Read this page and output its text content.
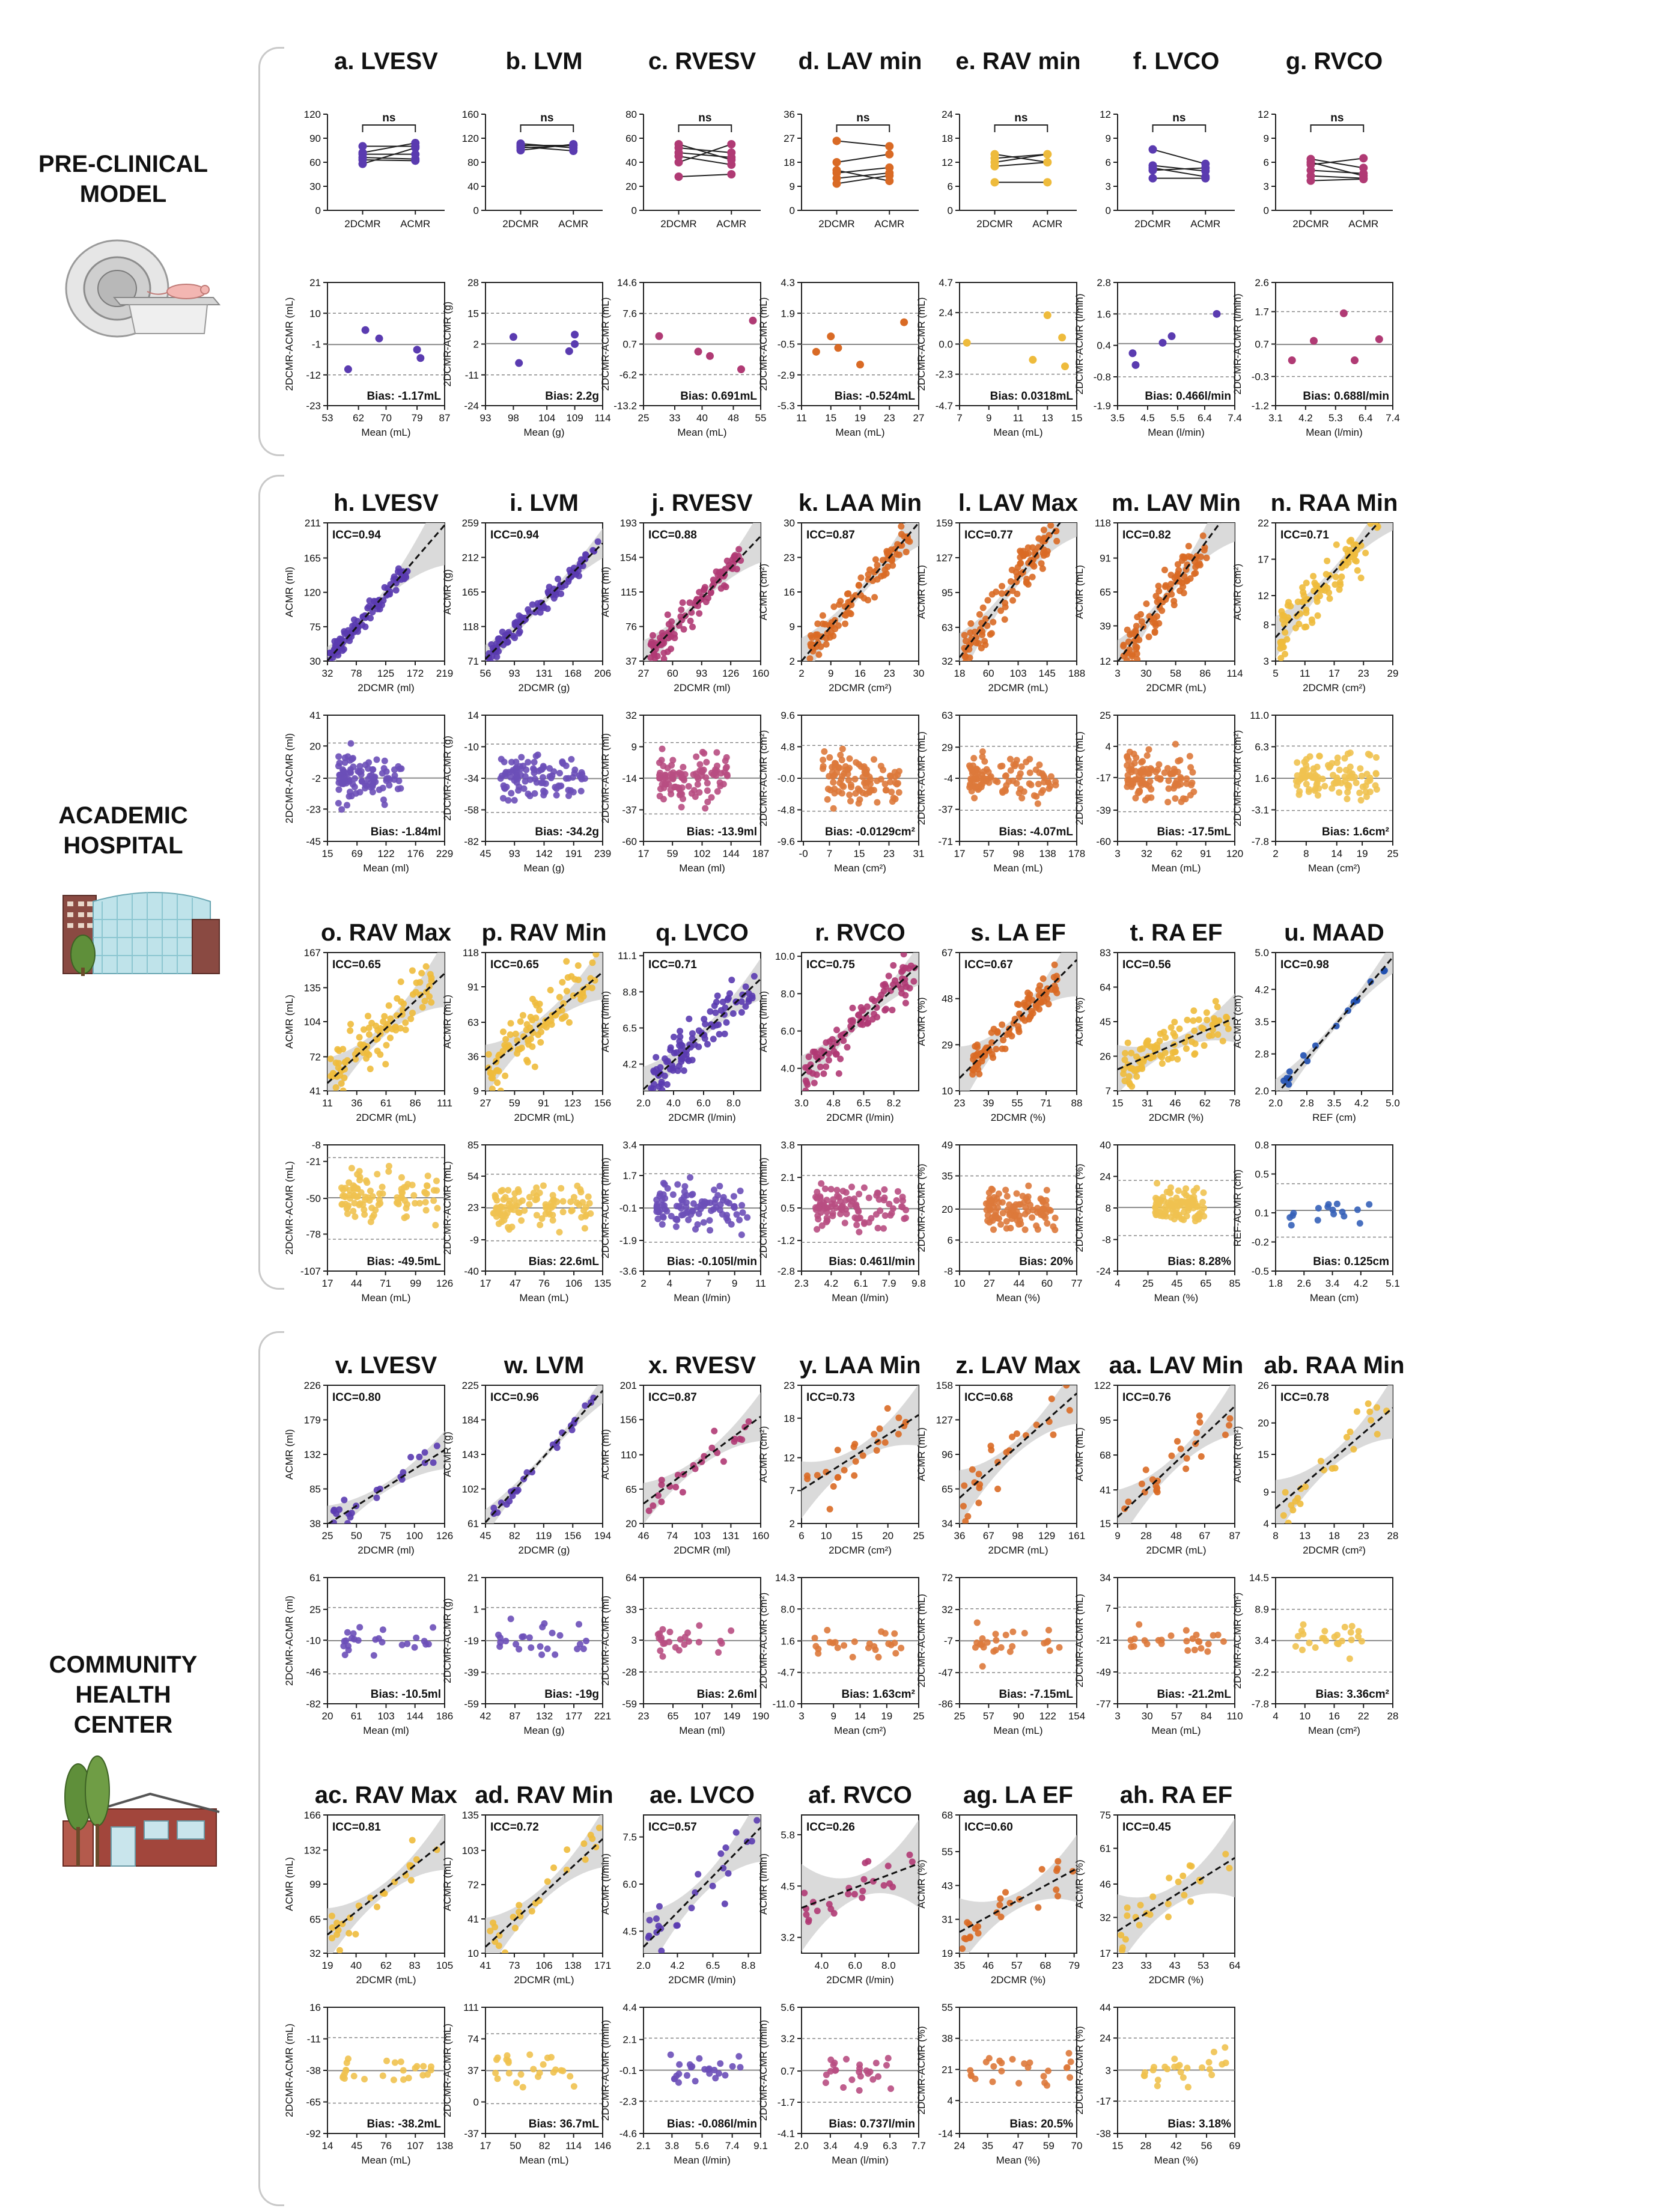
PRE-CLINICAL
MODEL
ACADEMIC
HOSPITAL
COMMUNITY
HEALTH
CENTER
a. LVESV
0
30
60
90
120
2DCMR ACMR
ns
-23
-12
-1
10
21
53 62 70 79 87
Mean (mL)
2DCMR-ACMR (mL)
Bias: -1.17mL
b. LVM
0
40
80
120
160
2DCMR ACMR
ns
-24
-11
2
15
28
93 98 104 109 114
Mean (g)
2DCMR-ACMR (g)
Bias: 2.2g
c. RVESV
0
20
40
60
80
2DCMR ACMR
ns
-13.2
-6.2
0.7
7.6
14.6
25 33 40 48 55
Mean (mL)
2DCMR-ACMR (mL)
Bias: 0.691mL
d. LAV min
0
9
18
27
36
2DCMR ACMR
ns
-5.3
-2.9
-0.5
1.9
4.3
11 15 19 23 27
Mean (mL)
2DCMR-ACMR (mL)
Bias: -0.524mL
e. RAV min
0
6
12
18
24
2DCMR ACMR
ns
-4.7
-2.3
0.0
2.4
4.7
7 9 11 13 15
Mean (mL)
2DCMR-ACMR (mL)
Bias: 0.0318mL
f. LVCO
0
3
6
9
12
2DCMR ACMR
ns
-1.9
-0.8
0.4
1.6
2.8
3.5 4.5 5.5 6.4 7.4
Mean (l/min)
2DCMR-ACMR (l/min)
Bias: 0.466l/min
g. RVCO
0
3
6
9
12
2DCMR ACMR
ns
-1.2
-0.3
0.7
1.7
2.6
3.1 4.2 5.3 6.4 7.4
Mean (l/min)
2DCMR-ACMR (l/min)
Bias: 0.688l/min
h. LVESV
30
75
120
165
211
32 78 125 172 219
2DCMR (ml)
ACMR (ml)
ICC=0.94
-45
-23
-2
20
41
15 69 122 176 229
Mean (ml)
2DCMR-ACMR (ml)
Bias: -1.84ml
i. LVM
71
118
165
212
259
56 93 131 168 206
2DCMR (g)
ACMR (g)
ICC=0.94
-82
-58
-34
-10
14
45 93 142 191 239
Mean (g)
2DCMR-ACMR (g)
Bias: -34.2g
j. RVESV
37
76
115
154
193
27 60 93 126 160
2DCMR (ml)
ACMR (ml)
ICC=0.88
-60
-37
-14
9
32
17 59 102 144 187
Mean (ml)
2DCMR-ACMR (ml)
Bias: -13.9ml
k. LAA Min
2
9
16
23
30
2 9 16 23 30
2DCMR (cm²)
ACMR (cm²)
ICC=0.87
-9.6
-4.8
-0.0
4.8
9.6
-0 7 15 23 31
Mean (cm²)
2DCMR-ACMR (cm²)
Bias: -0.0129cm²
l. LAV Max
32
63
95
127
159
18 60 103 145 188
2DCMR (mL)
ACMR (mL)
ICC=0.77
-71
-37
-4
29
63
17 57 98 138 178
Mean (mL)
2DCMR-ACMR (mL)
Bias: -4.07mL
m. LAV Min
12
39
65
91
118
3 30 58 86 114
2DCMR (mL)
ACMR (mL)
ICC=0.82
-60
-39
-17
4
25
3 32 62 91 120
Mean (mL)
2DCMR-ACMR (mL)
Bias: -17.5mL
n. RAA Min
3
8
12
17
22
5 11 17 23 29
2DCMR (cm²)
ACMR (cm²)
ICC=0.71
-7.8
-3.1
1.6
6.3
11.0
2 8 14 19 25
Mean (cm²)
2DCMR-ACMR (cm²)
Bias: 1.6cm²
o. RAV Max
41
72
104
135
167
11 36 61 86 111
2DCMR (mL)
ACMR (mL)
ICC=0.65
-107
-78
-50
-21
-8
17 44 71 99 126
Mean (mL)
2DCMR-ACMR (mL)
Bias: -49.5mL
p. RAV Min
9
36
63
91
118
27 59 91 123 156
2DCMR (mL)
ACMR (mL)
ICC=0.65
-40
-9
23
54
85
17 47 76 106 135
Mean (mL)
2DCMR-ACMR (mL)
Bias: 22.6mL
q. LVCO
4.2
6.5
8.8
11.1
2.0 4.0 6.0 8.0
2DCMR (l/min)
ACMR (l/min)
ICC=0.71
-3.6
-1.9
-0.1
1.7
3.4
2 4	7 9 11
Mean (l/min)
2DCMR-ACMR (l/min)
Bias: -0.105l/min
r. RVCO
4.0
6.0
8.0
10.0
3.0 4.8 6.5 8.2
2DCMR (l/min)
ACMR (l/min)
ICC=0.75
-2.8
-1.2
0.5
2.1
3.8
2.3 4.2 6.1 7.9 9.8
Mean (l/min)
2DCMR-ACMR (l/min)
Bias: 0.461l/min
s. LA EF
10
29
48
67
23 39 55 71 88
2DCMR (%)
ACMR (%)
ICC=0.67
-8
6
20
35
49
10 27 44 60 77
Mean (%)
2DCMR-ACMR (%)
Bias: 20%
t. RA EF
7
26
45
64
83
15 31 46 62 78
2DCMR (%)
ACMR (%)
ICC=0.56
-24
-8
8
24
40
4 25 45 65 85
Mean (%)
2DCMR-ACMR (%)
Bias: 8.28%
u. MAAD
2.0
2.8
3.5
4.2
5.0
2.0 2.8 3.5 4.2 5.0
REF (cm)
ACMR (cm)
ICC=0.98
-0.5
-0.2
0.1
0.5
0.8
1.8 2.6 3.4 4.2 5.1
Mean (cm)
REF-ACMR (cm)
Bias: 0.125cm
v. LVESV
38
85
132
179
226
25 50 75 100 126
2DCMR (ml)
ACMR (ml)
ICC=0.80
-82
-46
-10
25
61
20 61 103 144 186
Mean (ml)
2DCMR-ACMR (ml)
Bias: -10.5ml
w. LVM
61
102
143
184
225
45 82 119 156 194
2DCMR (g)
ACMR (g)
ICC=0.96
-59
-39
-19
1
21
42 87 132 177 221
Mean (g)
2DCMR-ACMR (g)
Bias: -19g
x. RVESV
20
65
110
156
201
46 74 103 131 160
2DCMR (ml)
ACMR (ml)
ICC=0.87
-59
-28
3
33
64
23 65 107 149 190
Mean (ml)
2DCMR-ACMR (ml)
Bias: 2.6ml
y. LAA Min
2
7
12
18
23
6 10 15 20 25
2DCMR (cm²)
ACMR (cm²)
ICC=0.73
-11.0
-4.7
1.6
8.0
14.3
3	9 14 19 25
Mean (cm²)
2DCMR-ACMR (cm²)
Bias: 1.63cm²
z. LAV Max
34
65
96
127
158
36 67 98 129 161
2DCMR (mL)
ACMR (mL)
ICC=0.68
-86
-47
-7
32
72
25 57 90 122 154
Mean (mL)
2DCMR-ACMR (mL)
Bias: -7.15mL
aa. LAV Min
15
41
68
95
122
9 28 48 67 87
2DCMR (mL)
ACMR (mL)
ICC=0.76
-77
-49
-21
7
34
3 30 57 84 110
Mean (mL)
2DCMR-ACMR (mL)
Bias: -21.2mL
ab. RAA Min
4
9
15
20
26
8 13 18 23 28
2DCMR (cm²)
ACMR (cm²)
ICC=0.78
-7.8
-2.2
3.4
8.9
14.5
4 10 16 22 28
Mean (cm²)
2DCMR-ACMR (cm²)
Bias: 3.36cm²
ac. RAV Max
32
65
99
132
166
19 40 62 83 105
2DCMR (mL)
ACMR (mL)
ICC=0.81
-92
-65
-38
-11
16
14 45 76 107 138
Mean (mL)
2DCMR-ACMR (mL)
Bias: -38.2mL
ad. RAV Min
10
41
72
103
135
41 73 106 138 171
2DCMR (mL)
ACMR (mL)
ICC=0.72
-37
0
37
74
111
17 50 82 114 146
Mean (mL)
2DCMR-ACMR (mL)
Bias: 36.7mL
ae. LVCO
4.5
6.0
7.5
2.0 4.2 6.5 8.8
2DCMR (l/min)
ACMR (l/min)
ICC=0.57
-4.6
-2.3
-0.1
2.1
4.4
2.1 3.8 5.6 7.4 9.1
Mean (l/min)
2DCMR-ACMR (l/min)
Bias: -0.086l/min
af. RVCO
3.2
4.5
5.8
4.0 6.0 8.0
2DCMR (l/min)
ACMR (l/min)
ICC=0.26
-4.1
-1.7
0.7
3.2
5.6
2.0 3.4 4.9 6.3 7.7
Mean (l/min)
2DCMR-ACMR (l/min)
Bias: 0.737l/min
ag. LA EF
19
31
43
55
68
35 46 57 68 79
2DCMR (%)
ACMR (%)
ICC=0.60
-14
4
21
38
55
24 35 47 59 70
Mean (%)
2DCMR-ACMR (%)
Bias: 20.5%
ah. RA EF
17
32
46
61
75
23 33 43 53 64
2DCMR (%)
ACMR (%)
ICC=0.45
-38
-17
3
24
44
15 28 42 56 69
Mean (%)
2DCMR-ACMR (%)
Bias: 3.18%
